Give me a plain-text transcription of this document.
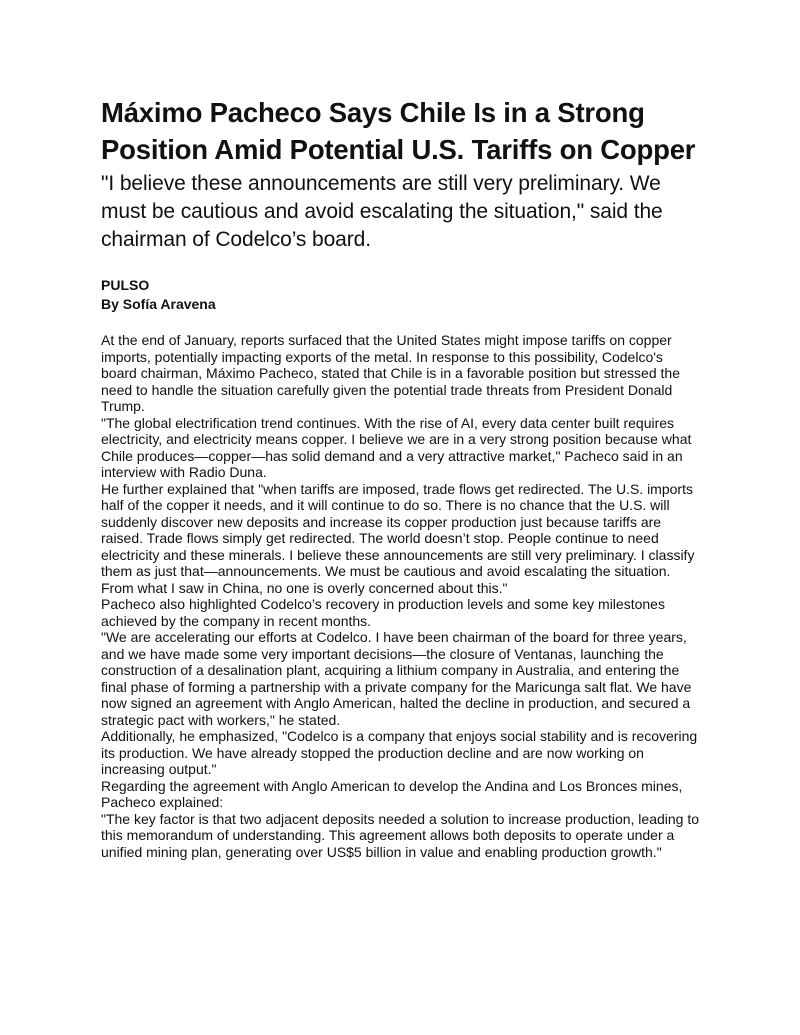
Máximo Pacheco Says Chile Is in a Strong Position Amid Potential U.S. Tariffs on Copper
"I believe these announcements are still very preliminary. We must be cautious and avoid escalating the situation," said the chairman of Codelco’s board.
PULSO
By Sofía Aravena

At the end of January, reports surfaced that the United States might impose tariffs on copper imports, potentially impacting exports of the metal. In response to this possibility, Codelco's board chairman, Máximo Pacheco, stated that Chile is in a favorable position but stressed the need to handle the situation carefully given the potential trade threats from President Donald Trump.

"The global electrification trend continues. With the rise of AI, every data center built requires electricity, and electricity means copper. I believe we are in a very strong position because what Chile produces—copper—has solid demand and a very attractive market," Pacheco said in an interview with Radio Duna.

He further explained that "when tariffs are imposed, trade flows get redirected. The U.S. imports half of the copper it needs, and it will continue to do so. There is no chance that the U.S. will suddenly discover new deposits and increase its copper production just because tariffs are raised. Trade flows simply get redirected. The world doesn’t stop. People continue to need electricity and these minerals. I believe these announcements are still very preliminary. I classify them as just that—announcements. We must be cautious and avoid escalating the situation. From what I saw in China, no one is overly concerned about this."

Pacheco also highlighted Codelco’s recovery in production levels and some key milestones achieved by the company in recent months.

"We are accelerating our efforts at Codelco. I have been chairman of the board for three years, and we have made some very important decisions—the closure of Ventanas, launching the construction of a desalination plant, acquiring a lithium company in Australia, and entering the final phase of forming a partnership with a private company for the Maricunga salt flat. We have now signed an agreement with Anglo American, halted the decline in production, and secured a strategic pact with workers," he stated.

Additionally, he emphasized, "Codelco is a company that enjoys social stability and is recovering its production. We have already stopped the production decline and are now working on increasing output."

Regarding the agreement with Anglo American to develop the Andina and Los Bronces mines, Pacheco explained:

"The key factor is that two adjacent deposits needed a solution to increase production, leading to this memorandum of understanding. This agreement allows both deposits to operate under a unified mining plan, generating over US$5 billion in value and enabling production growth."
